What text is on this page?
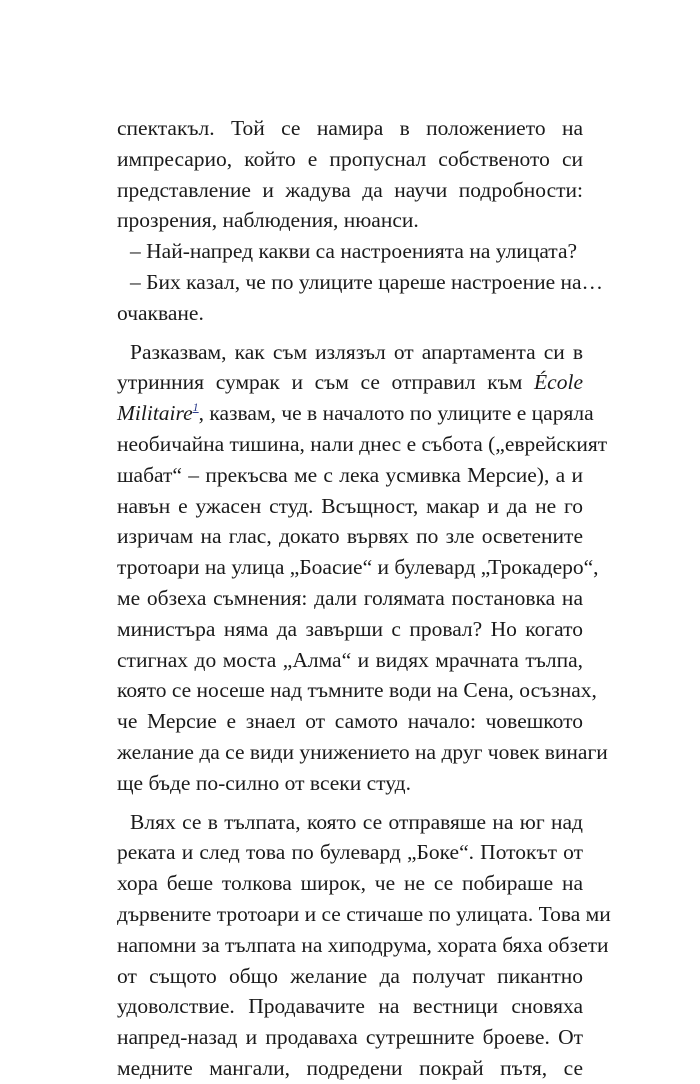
спектакъл. Той се намира в положението на
импресарио, който е пропуснал собственото си
представление и жадува да научи подробности:
прозрения, наблюдения, нюанси.
– Най-напред какви са настроенията на улицата?
– Бих казал, че по улиците цареше настроение на…
очакване.
Разказвам, как съм излязъл от апартамента си в
утринния сумрак и съм се отправил към École
Militaire$^1$, казвам, че в началото по улиците е царяла
необичайна тишина, нали днес е събота („еврейският
шабат“ – прекъсва ме с лека усмивка Мерсие), а и
навън е ужасен студ. Всъщност, макар и да не го
изричам на глас, докато вървях по зле осветените
тротоари на улица „Боасие“ и булевард „Трокадеро“,
ме обзеха съмнения: дали голямата постановка на
министъра няма да завърши с провал? Но когато
стигнах до моста „Алма“ и видях мрачната тълпа,
която се носеше над тъмните води на Сена, осъзнах,
че Мерсие е знаел от самото начало: човешкото
желание да се види унижението на друг човек винаги
ще бъде по-силно от всеки студ.
Влях се в тълпата, която се отправяше на юг над
реката и след това по булевард „Боке“. Потокът от
хора беше толкова широк, че не се побираше на
дървените тротоари и се стичаше по улицата. Това ми
напомни за тълпата на хиподрума, хората бяха обзети
от същото общо желание да получат пикантно
удоволствие. Продавачите на вестници сновяха
напред-назад и продаваха сутрешните броеве. От
медните мангали, подредени покрай пътя, се
